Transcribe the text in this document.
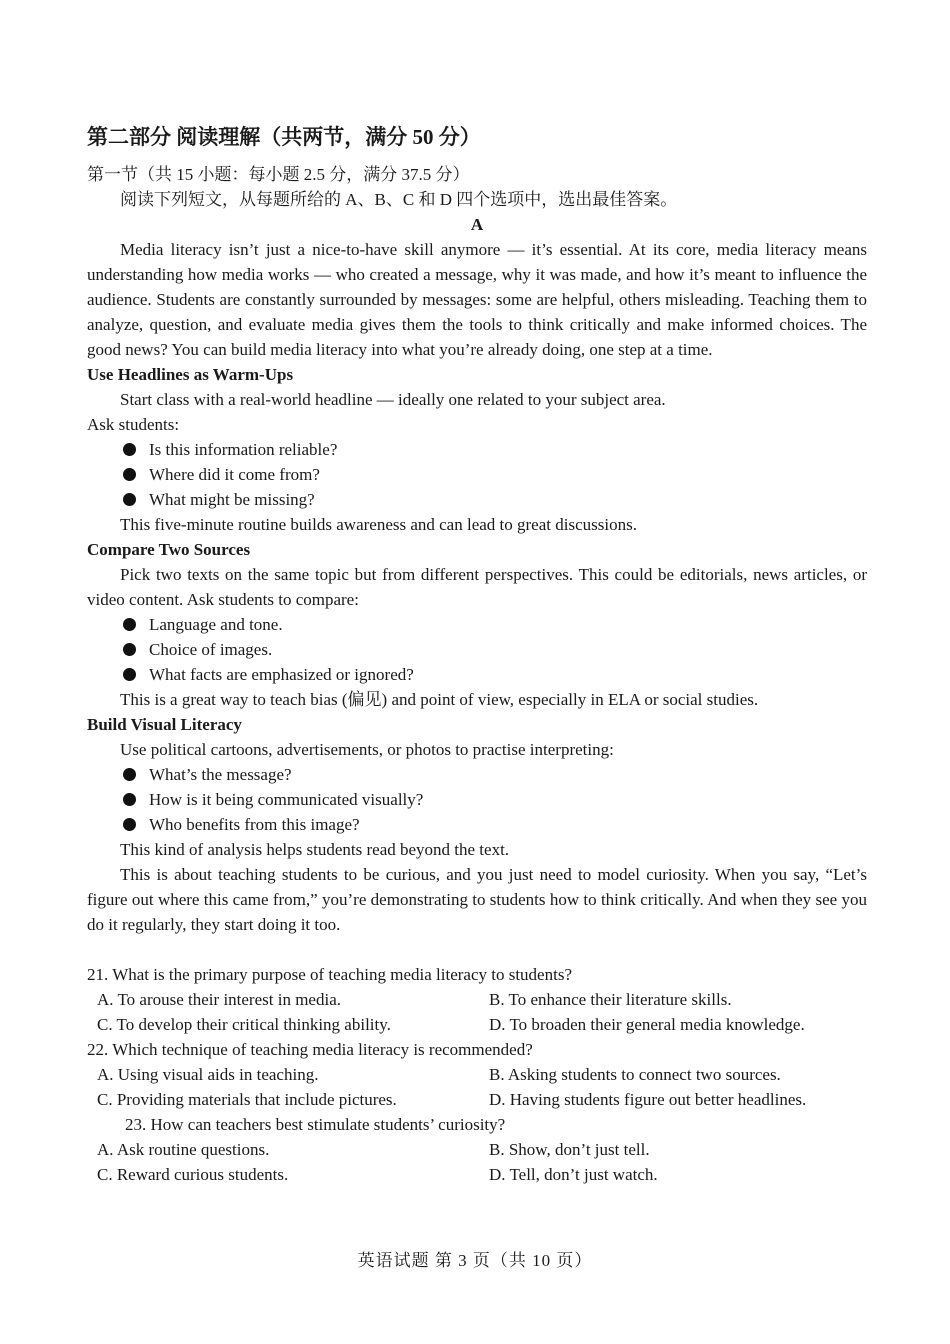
第二部分 阅读理解（共两节，满分 50 分）
第一节（共 15 小题：每小题 2.5 分，满分 37.5 分）
阅读下列短文，从每题所给的 A、B、C 和 D 四个选项中，选出最佳答案。
A
Media literacy isn’t just a nice-to-have skill anymore — it’s essential. At its core, media literacy means understanding how media works — who created a message, why it was made, and how it’s meant to influence the audience. Students are constantly surrounded by messages: some are helpful, others misleading. Teaching them to analyze, question, and evaluate media gives them the tools to think critically and make informed choices. The good news? You can build media literacy into what you’re already doing, one step at a time.
Use Headlines as Warm-Ups
Start class with a real-world headline — ideally one related to your subject area.
Ask students:
Is this information reliable?
Where did it come from?
What might be missing?
This five-minute routine builds awareness and can lead to great discussions.
Compare Two Sources
Pick two texts on the same topic but from different perspectives. This could be editorials, news articles, or video content. Ask students to compare:
Language and tone.
Choice of images.
What facts are emphasized or ignored?
This is a great way to teach bias (偏见) and point of view, especially in ELA or social studies.
Build Visual Literacy
Use political cartoons, advertisements, or photos to practise interpreting:
What’s the message?
How is it being communicated visually?
Who benefits from this image?
This kind of analysis helps students read beyond the text.
This is about teaching students to be curious, and you just need to model curiosity. When you say, “Let’s figure out where this came from,” you’re demonstrating to students how to think critically. And when they see you do it regularly, they start doing it too.
21. What is the primary purpose of teaching media literacy to students?
A. To arouse their interest in media.	B. To enhance their literature skills.
C. To develop their critical thinking ability.	D. To broaden their general media knowledge.
22. Which technique of teaching media literacy is recommended?
A. Using visual aids in teaching.	B. Asking students to connect two sources.
C. Providing materials that include pictures.	D. Having students figure out better headlines.
23. How can teachers best stimulate students’ curiosity?
A. Ask routine questions.	B. Show, don’t just tell.
C. Reward curious students.	D. Tell, don’t just watch.
英语试题 第 3 页（共 10 页）
